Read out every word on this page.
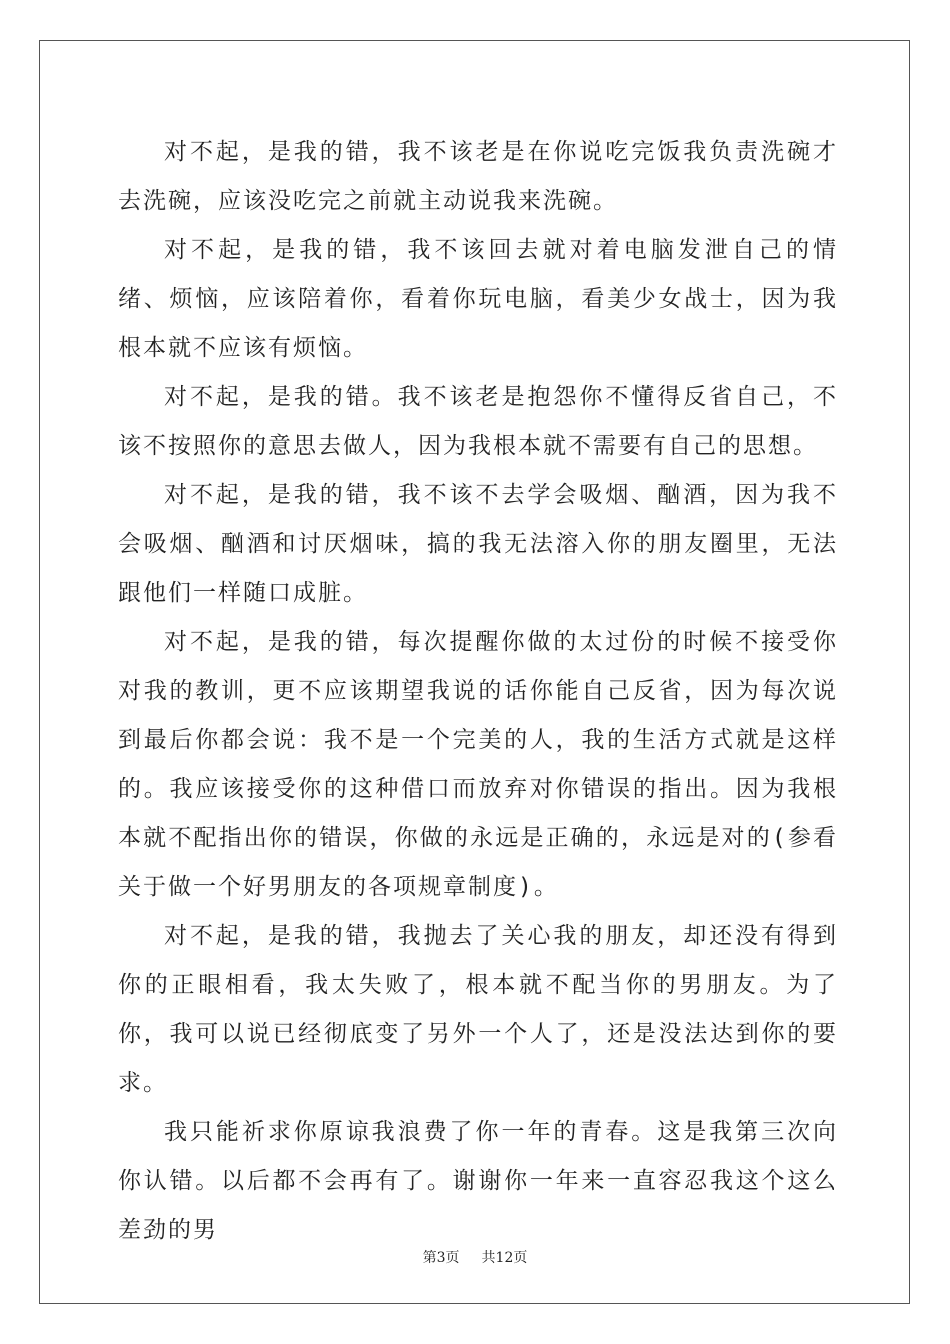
对不起，是我的错，我不该老是在你说吃完饭我负责洗碗才去洗碗，应该没吃完之前就主动说我来洗碗。

对不起，是我的错，我不该回去就对着电脑发泄自己的情绪、烦恼，应该陪着你，看着你玩电脑，看美少女战士，因为我根本就不应该有烦恼。

对不起，是我的错。我不该老是抱怨你不懂得反省自己，不该不按照你的意思去做人，因为我根本就不需要有自己的思想。

对不起，是我的错，我不该不去学会吸烟、酗酒，因为我不会吸烟、酗酒和讨厌烟味，搞的我无法溶入你的朋友圈里，无法跟他们一样随口成脏。

对不起，是我的错，每次提醒你做的太过份的时候不接受你对我的教训，更不应该期望我说的话你能自己反省，因为每次说到最后你都会说：我不是一个完美的人，我的生活方式就是这样的。我应该接受你的这种借口而放弃对你错误的指出。因为我根本就不配指出你的错误，你做的永远是正确的，永远是对的(参看关于做一个好男朋友的各项规章制度)。

对不起，是我的错，我抛去了关心我的朋友，却还没有得到你的正眼相看，我太失败了，根本就不配当你的男朋友。为了你，我可以说已经彻底变了另外一个人了，还是没法达到你的要求。

我只能祈求你原谅我浪费了你一年的青春。这是我第三次向你认错。以后都不会再有了。谢谢你一年来一直容忍我这个这么差劲的男

第3页 共12页
